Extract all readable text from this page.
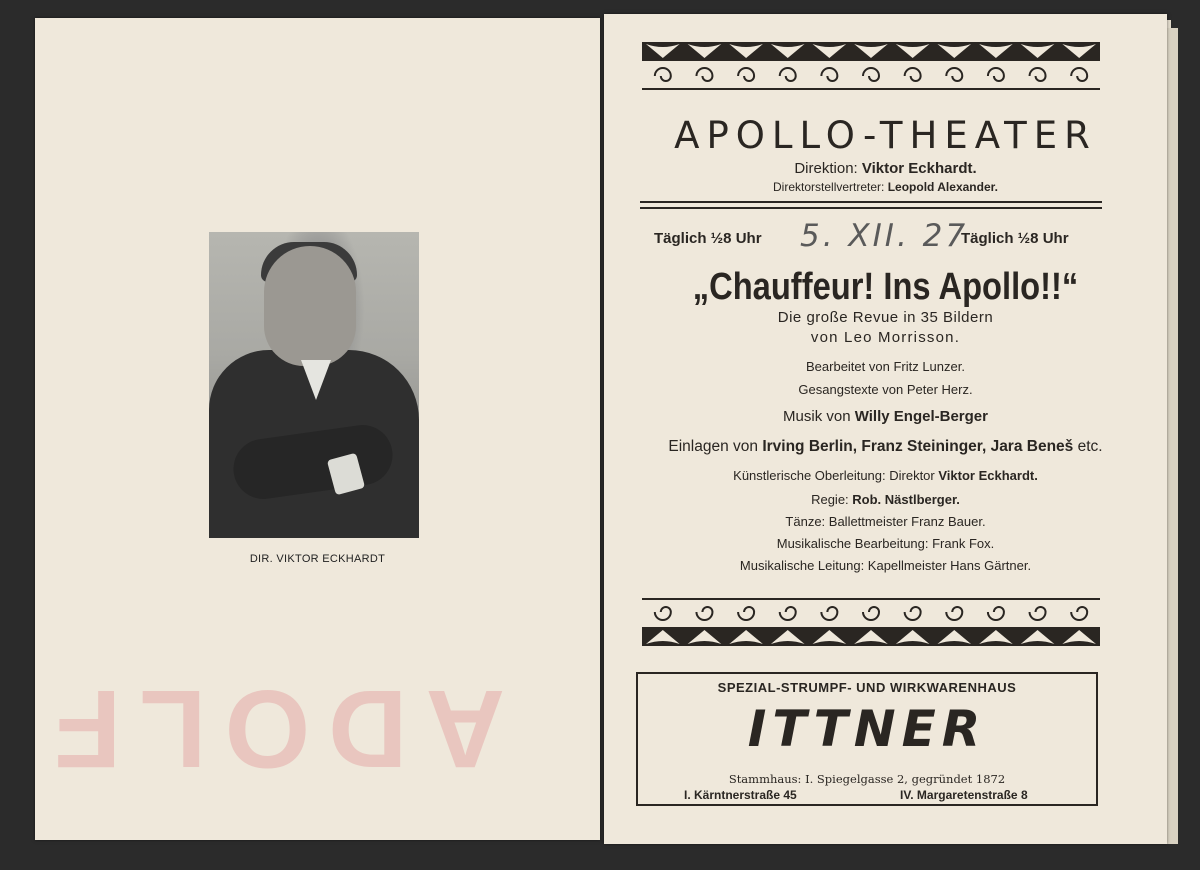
DIR. VIKTOR ECKHARDT
ADOLF
APOLLO-THEATER
Direktion: Viktor Eckhardt.
Direktorstellvertreter: Leopold Alexander.
Täglich ½8 Uhr 5. XII. 27
Täglich ½8 Uhr
„Chauffeur! Ins Apollo!!“
Die große Revue in 35 Bildern
von Leo Morrisson.
Bearbeitet von Fritz Lunzer.
Gesangstexte von Peter Herz.
Musik von Willy Engel-Berger
Einlagen von Irving Berlin, Franz Steininger, Jara Beneš etc.
Künstlerische Oberleitung: Direktor Viktor Eckhardt.
Regie: Rob. Nästlberger.
Tänze: Ballettmeister Franz Bauer.
Musikalische Bearbeitung: Frank Fox.
Musikalische Leitung: Kapellmeister Hans Gärtner.
SPEZIAL-STRUMPF- UND WIRKWARENHAUS
ITTNER
Stammhaus: I. Spiegelgasse 2, gegründet 1872
I. Kärntnerstraße 45	IV. Margaretenstraße 8
